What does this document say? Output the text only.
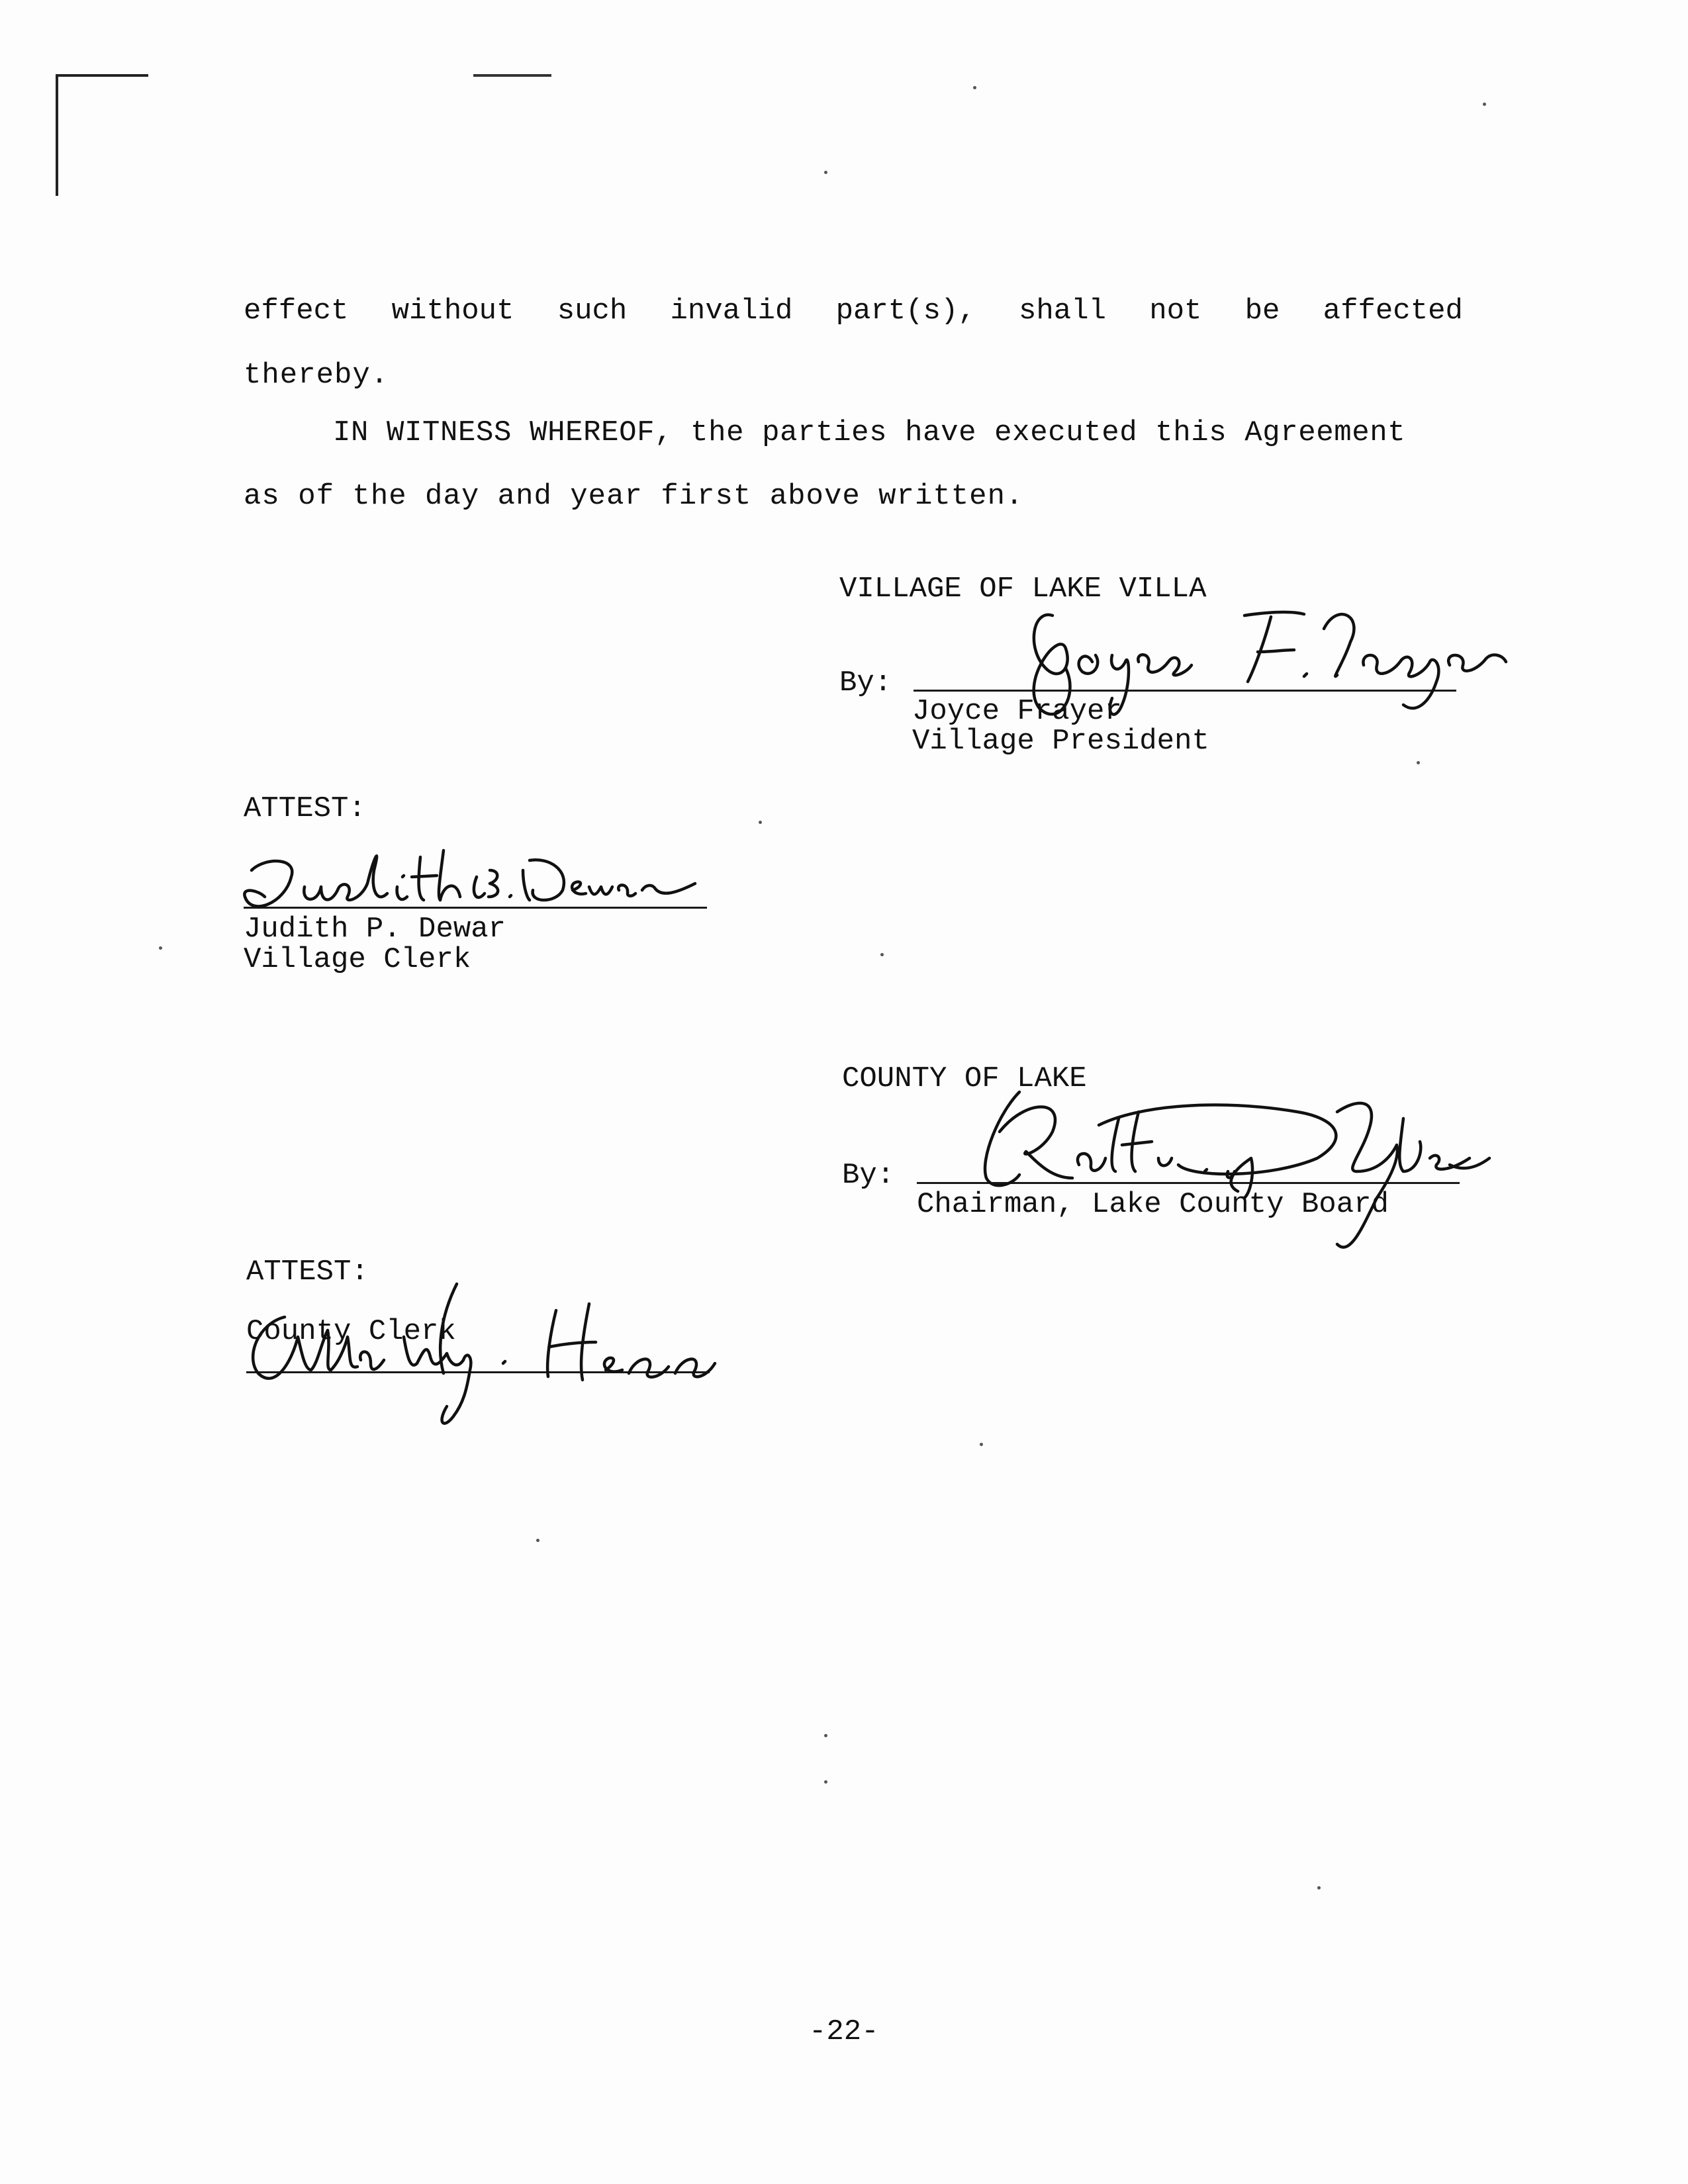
effect without such invalid part(s), shall not be affected
thereby.
IN WITNESS WHEREOF, the parties have executed this Agreement
as of the day and year first above written.
VILLAGE OF LAKE VILLA
By:
Joyce Frayer
Village President
ATTEST:
Judith P. Dewar
Village Clerk
COUNTY OF LAKE
By:
Chairman, Lake County Board
ATTEST:
County Clerk
-22-
